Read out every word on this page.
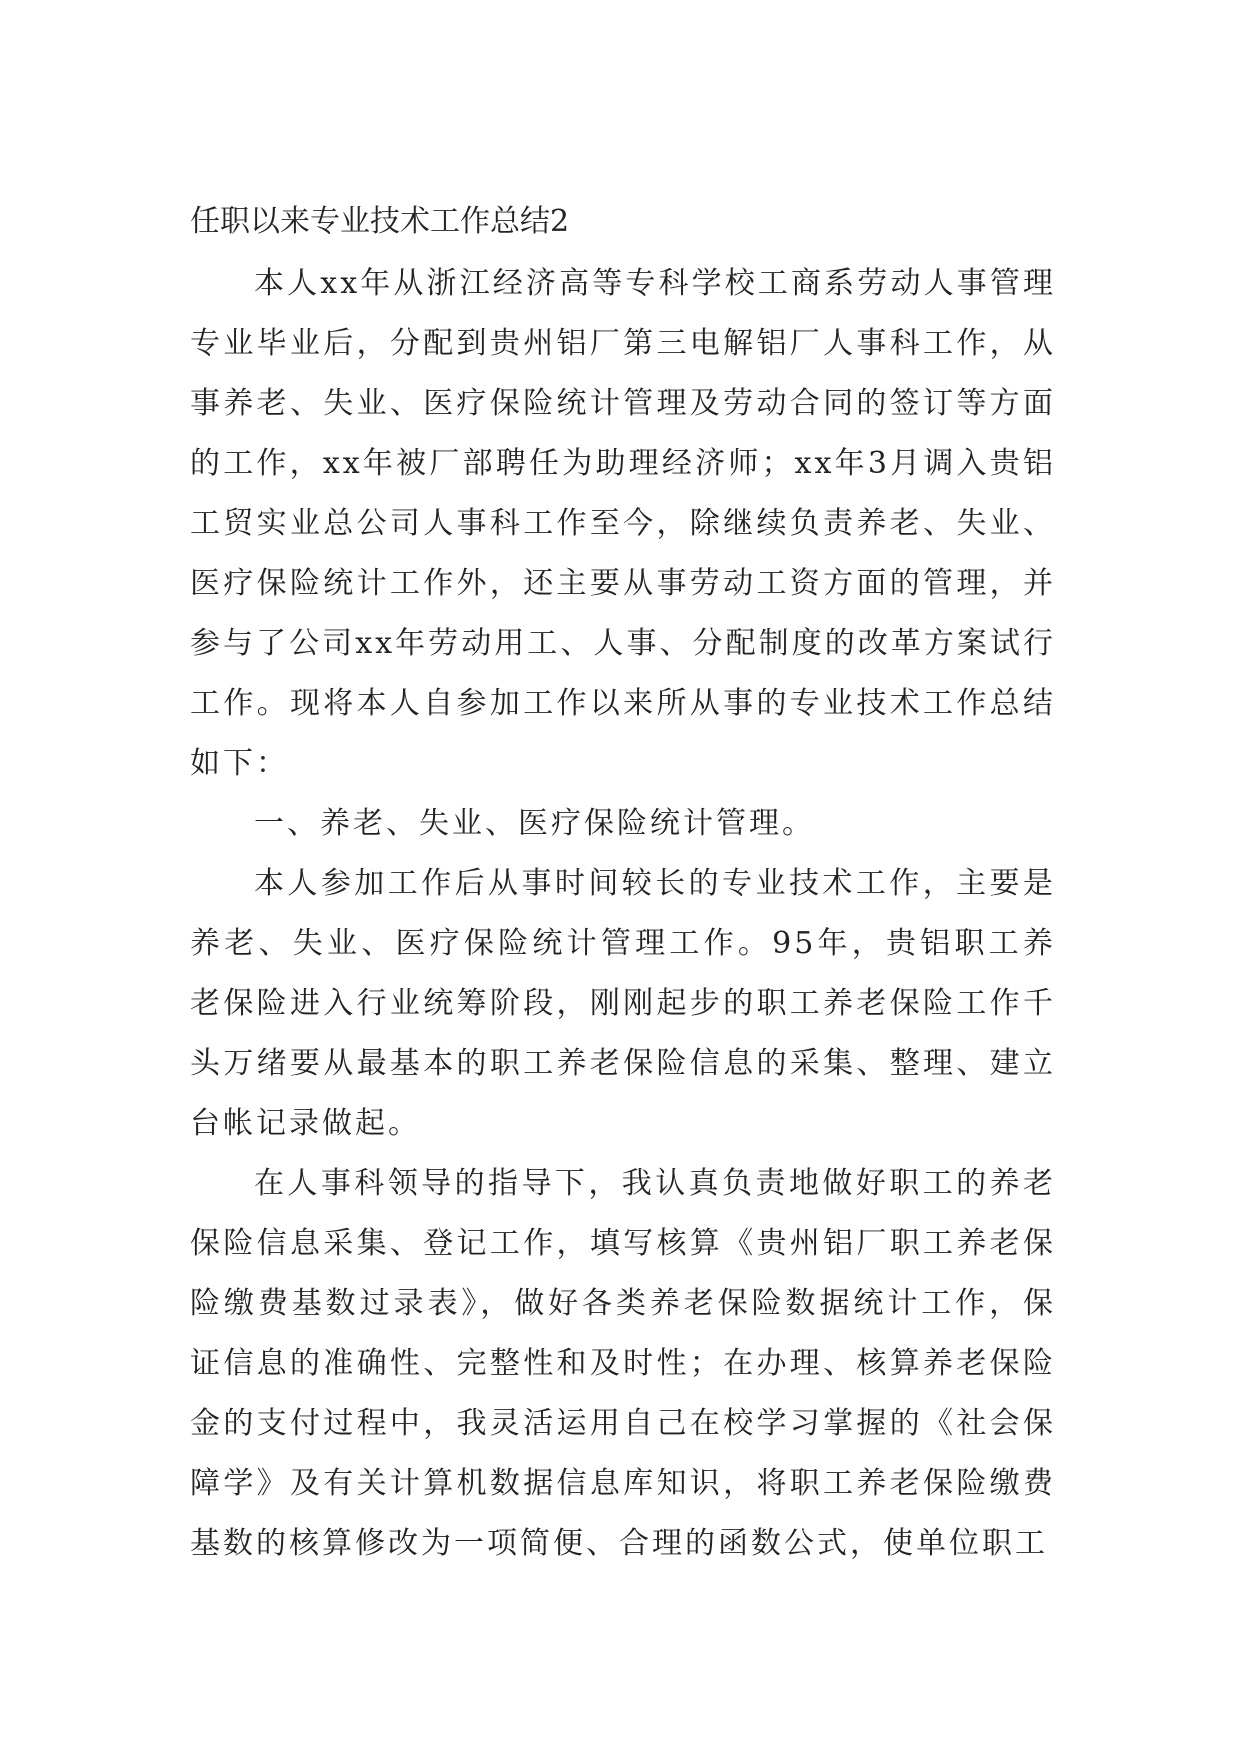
任职以来专业技术工作总结2

本人xx年从浙江经济高等专科学校工商系劳动人事管理专业毕业后，分配到贵州铝厂第三电解铝厂人事科工作，从事养老、失业、医疗保险统计管理及劳动合同的签订等方面的工作，xx年被厂部聘任为助理经济师；xx年3月调入贵铝工贸实业总公司人事科工作至今，除继续负责养老、失业、医疗保险统计工作外，还主要从事劳动工资方面的管理，并参与了公司xx年劳动用工、人事、分配制度的改革方案试行工作。现将本人自参加工作以来所从事的专业技术工作总结如下：

一、养老、失业、医疗保险统计管理。

本人参加工作后从事时间较长的专业技术工作，主要是养老、失业、医疗保险统计管理工作。95年，贵铝职工养老保险进入行业统筹阶段，刚刚起步的职工养老保险工作千头万绪要从最基本的职工养老保险信息的采集、整理、建立台帐记录做起。

在人事科领导的指导下，我认真负责地做好职工的养老保险信息采集、登记工作，填写核算《贵州铝厂职工养老保险缴费基数过录表》，做好各类养老保险数据统计工作，保证信息的准确性、完整性和及时性；在办理、核算养老保险金的支付过程中，我灵活运用自己在校学习掌握的《社会保障学》及有关计算机数据信息库知识，将职工养老保险缴费基数的核算修改为一项简便、合理的函数公式，使单位职工
